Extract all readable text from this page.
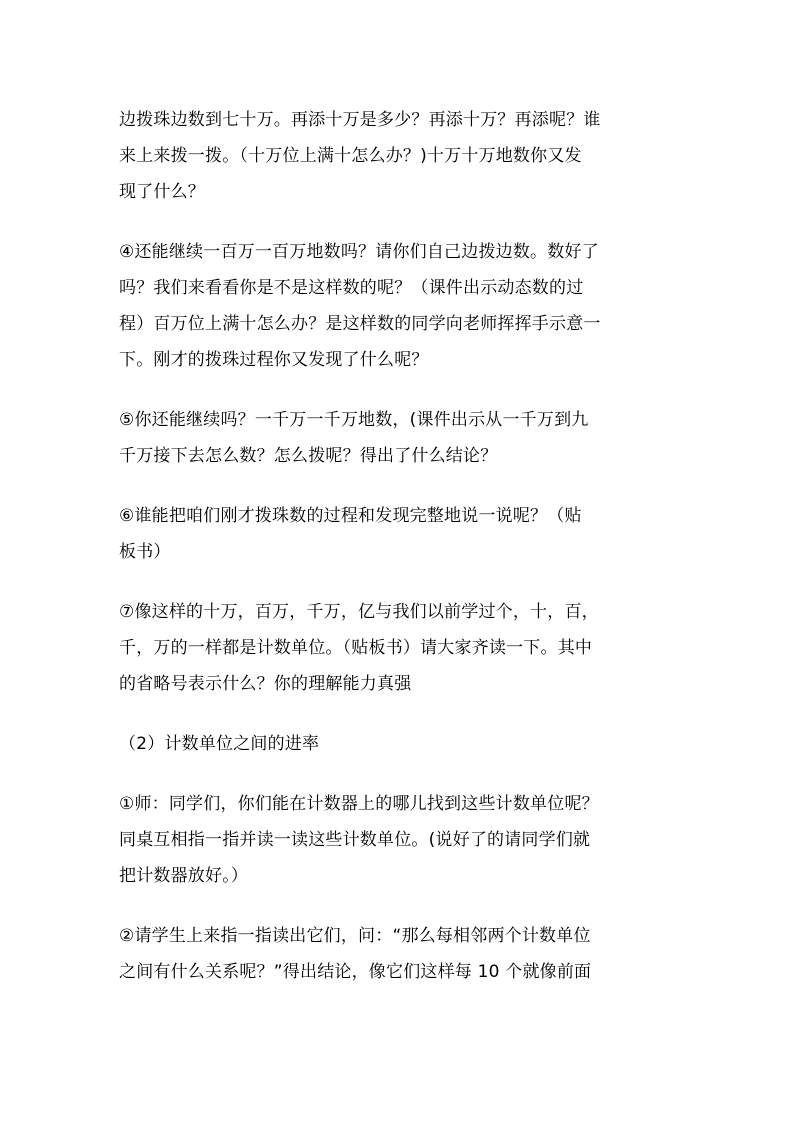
边拨珠边数到七十万。再添十万是多少？再添十万？再添呢？谁
来上来拨一拨。（十万位上满十怎么办？)十万十万地数你又发
现了什么？

④还能继续一百万一百万地数吗？请你们自己边拨边数。数好了
吗？我们来看看你是不是这样数的呢？（课件出示动态数的过
程）百万位上满十怎么办？是这样数的同学向老师挥挥手示意一
下。刚才的拨珠过程你又发现了什么呢？

⑤你还能继续吗？一千万一千万地数，(课件出示从一千万到九
千万接下去怎么数？怎么拨呢？得出了什么结论？

⑥谁能把咱们刚才拨珠数的过程和发现完整地说一说呢？（贴
板书）

⑦像这样的十万，百万，千万，亿与我们以前学过个，十，百，
千，万的一样都是计数单位。（贴板书）请大家齐读一下。其中
的省略号表示什么？你的理解能力真强

（2）计数单位之间的进率

①师：同学们，你们能在计数器上的哪儿找到这些计数单位呢？
同桌互相指一指并读一读这些计数单位。(说好了的请同学们就
把计数器放好。）

②请学生上来指一指读出它们，问：“那么每相邻两个计数单位
之间有什么关系呢？”得出结论，像它们这样每 10 个就像前面
